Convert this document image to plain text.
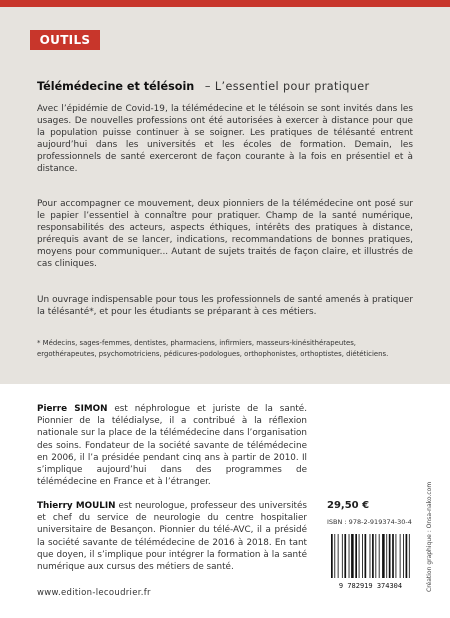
OUTILS
Télémédecine et télésoin – L’essentiel pour pratiquer

Avec l’épidémie de Covid-19, la télémédecine et le télésoin se sont invités dans les usages. De nouvelles professions ont été autorisées à exercer à distance pour que la population puisse continuer à se soigner. Les pratiques de télésanté entrent aujourd’hui dans les universités et les écoles de formation. Demain, les professionnels de santé exerceront de façon courante à la fois en présentiel et à distance.

Pour accompagner ce mouvement, deux pionniers de la télémédecine ont posé sur le papier l’essentiel à connaître pour pratiquer. Champ de la santé numérique, responsabilités des acteurs, aspects éthiques, intérêts des pratiques à distance, prérequis avant de se lancer, indications, recommandations de bonnes pratiques, moyens pour communiquer... Autant de sujets traités de façon claire, et illustrés de cas cliniques.

Un ouvrage indispensable pour tous les professionnels de santé amenés à pratiquer la télésanté*, et pour les étudiants se préparant à ces métiers.

* Médecins, sages-femmes, dentistes, pharmaciens, infirmiers, masseurs-kinésithérapeutes, ergothérapeutes, psychomotriciens, pédicures-podologues, orthophonistes, orthoptistes, diététiciens.

Pierre SIMON est néphrologue et juriste de la santé. Pionnier de la télédialyse, il a contribué à la réflexion nationale sur la place de la télémédecine dans l’organisation des soins. Fondateur de la société savante de télémédecine en 2006, il l’a présidée pendant cinq ans à partir de 2010. Il s’implique aujourd’hui dans des programmes de télémédecine en France et à l’étranger.

Thierry MOULIN est neurologue, professeur des universités et chef du service de neurologie du centre hospitalier universitaire de Besançon. Pionnier du télé-AVC, il a présidé la société savante de télémédecine de 2016 à 2018. En tant que doyen, il s’implique pour intégrer la formation à la santé numérique aux cursus des métiers de santé.

29,50 €
ISBN : 978-2-919374-30-4
9 782919 374304	Création graphique : Onsa-nako.com
www.edition-lecoudrier.fr
